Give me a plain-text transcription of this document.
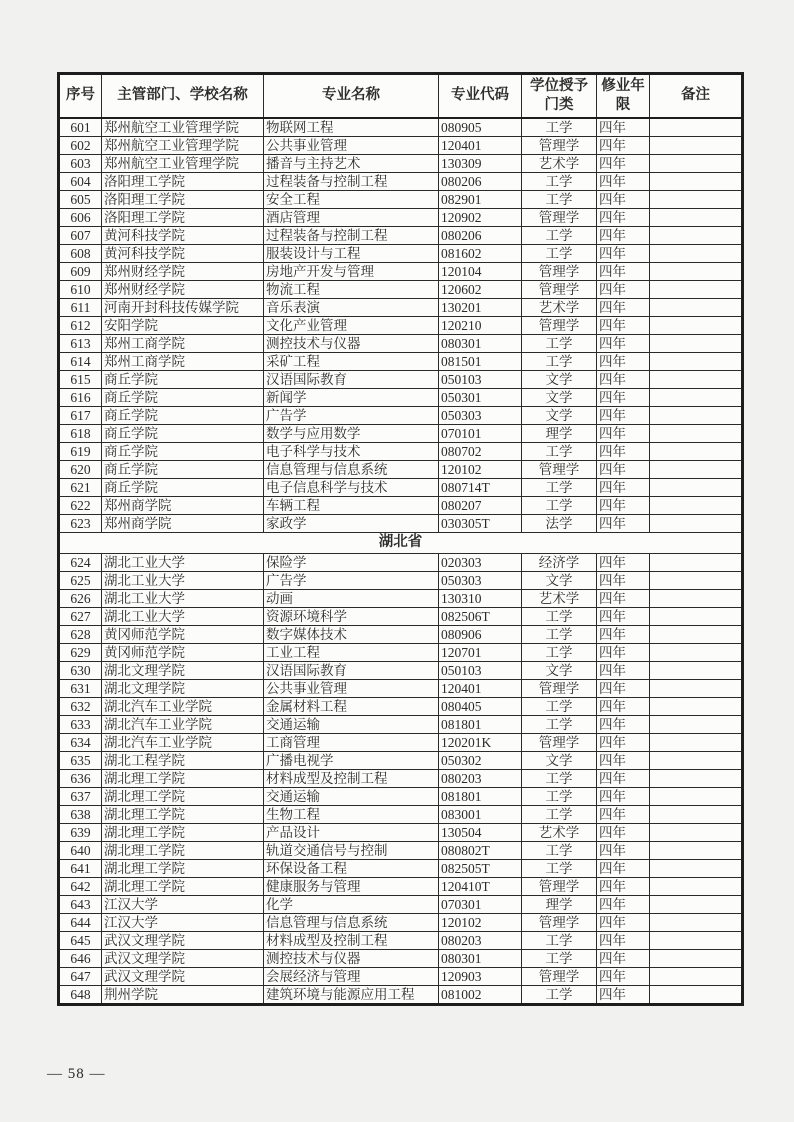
序号	主管部门、学校名称	专业名称	专业代码	学位授予门类	修业年限	备注
601	郑州航空工业管理学院	物联网工程	080905	工学	四年	
602	郑州航空工业管理学院	公共事业管理	120401	管理学	四年	
603	郑州航空工业管理学院	播音与主持艺术	130309	艺术学	四年	
604	洛阳理工学院	过程装备与控制工程	080206	工学	四年	
605	洛阳理工学院	安全工程	082901	工学	四年	
606	洛阳理工学院	酒店管理	120902	管理学	四年	
607	黄河科技学院	过程装备与控制工程	080206	工学	四年	
608	黄河科技学院	服装设计与工程	081602	工学	四年	
609	郑州财经学院	房地产开发与管理	120104	管理学	四年	
610	郑州财经学院	物流工程	120602	管理学	四年	
611	河南开封科技传媒学院	音乐表演	130201	艺术学	四年	
612	安阳学院	文化产业管理	120210	管理学	四年	
613	郑州工商学院	测控技术与仪器	080301	工学	四年	
614	郑州工商学院	采矿工程	081501	工学	四年	
615	商丘学院	汉语国际教育	050103	文学	四年	
616	商丘学院	新闻学	050301	文学	四年	
617	商丘学院	广告学	050303	文学	四年	
618	商丘学院	数学与应用数学	070101	理学	四年	
619	商丘学院	电子科学与技术	080702	工学	四年	
620	商丘学院	信息管理与信息系统	120102	管理学	四年	
621	商丘学院	电子信息科学与技术	080714T	工学	四年	
622	郑州商学院	车辆工程	080207	工学	四年	
623	郑州商学院	家政学	030305T	法学	四年	
湖北省						
624	湖北工业大学	保险学	020303	经济学	四年	
625	湖北工业大学	广告学	050303	文学	四年	
626	湖北工业大学	动画	130310	艺术学	四年	
627	湖北工业大学	资源环境科学	082506T	工学	四年	
628	黄冈师范学院	数字媒体技术	080906	工学	四年	
629	黄冈师范学院	工业工程	120701	工学	四年	
630	湖北文理学院	汉语国际教育	050103	文学	四年	
631	湖北文理学院	公共事业管理	120401	管理学	四年	
632	湖北汽车工业学院	金属材料工程	080405	工学	四年	
633	湖北汽车工业学院	交通运输	081801	工学	四年	
634	湖北汽车工业学院	工商管理	120201K	管理学	四年	
635	湖北工程学院	广播电视学	050302	文学	四年	
636	湖北理工学院	材料成型及控制工程	080203	工学	四年	
637	湖北理工学院	交通运输	081801	工学	四年	
638	湖北理工学院	生物工程	083001	工学	四年	
639	湖北理工学院	产品设计	130504	艺术学	四年	
640	湖北理工学院	轨道交通信号与控制	080802T	工学	四年	
641	湖北理工学院	环保设备工程	082505T	工学	四年	
642	湖北理工学院	健康服务与管理	120410T	管理学	四年	
643	江汉大学	化学	070301	理学	四年	
644	江汉大学	信息管理与信息系统	120102	管理学	四年	
645	武汉文理学院	材料成型及控制工程	080203	工学	四年	
646	武汉文理学院	测控技术与仪器	080301	工学	四年	
647	武汉文理学院	会展经济与管理	120903	管理学	四年	
648	荆州学院	建筑环境与能源应用工程	081002	工学	四年	
— 58 —
